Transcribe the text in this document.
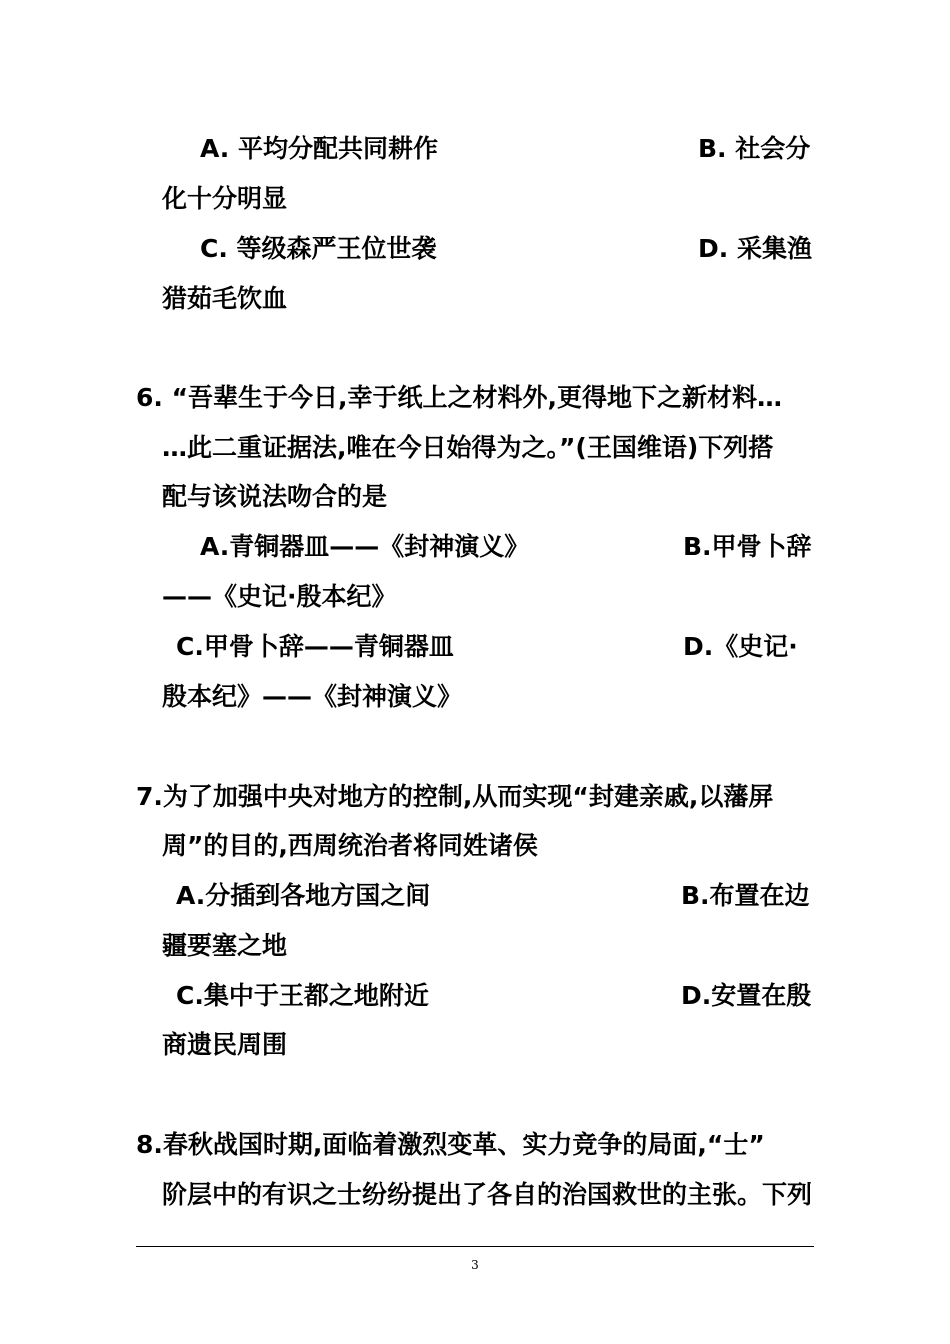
A. 平均分配共同耕作	B. 社会分
化十分明显
C. 等级森严王位世袭	D. 采集渔
猎茹毛饮血
6. “吾辈生于今日,幸于纸上之材料外,更得地下之新材料…
…此二重证据法,唯在今日始得为之。”(王国维语)下列搭
配与该说法吻合的是
A.青铜器皿——《封神演义》	B.甲骨卜辞
——《史记·殷本纪》
C.甲骨卜辞——青铜器皿	D.《史记·
殷本纪》——《封神演义》
7.为了加强中央对地方的控制,从而实现“封建亲戚,以藩屏
周”的目的,西周统治者将同姓诸侯
A.分插到各地方国之间	B.布置在边
疆要塞之地
C.集中于王都之地附近	D.安置在殷
商遗民周围
8.春秋战国时期,面临着激烈变革、实力竞争的局面,“士”
阶层中的有识之士纷纷提出了各自的治国救世的主张。下列
3
